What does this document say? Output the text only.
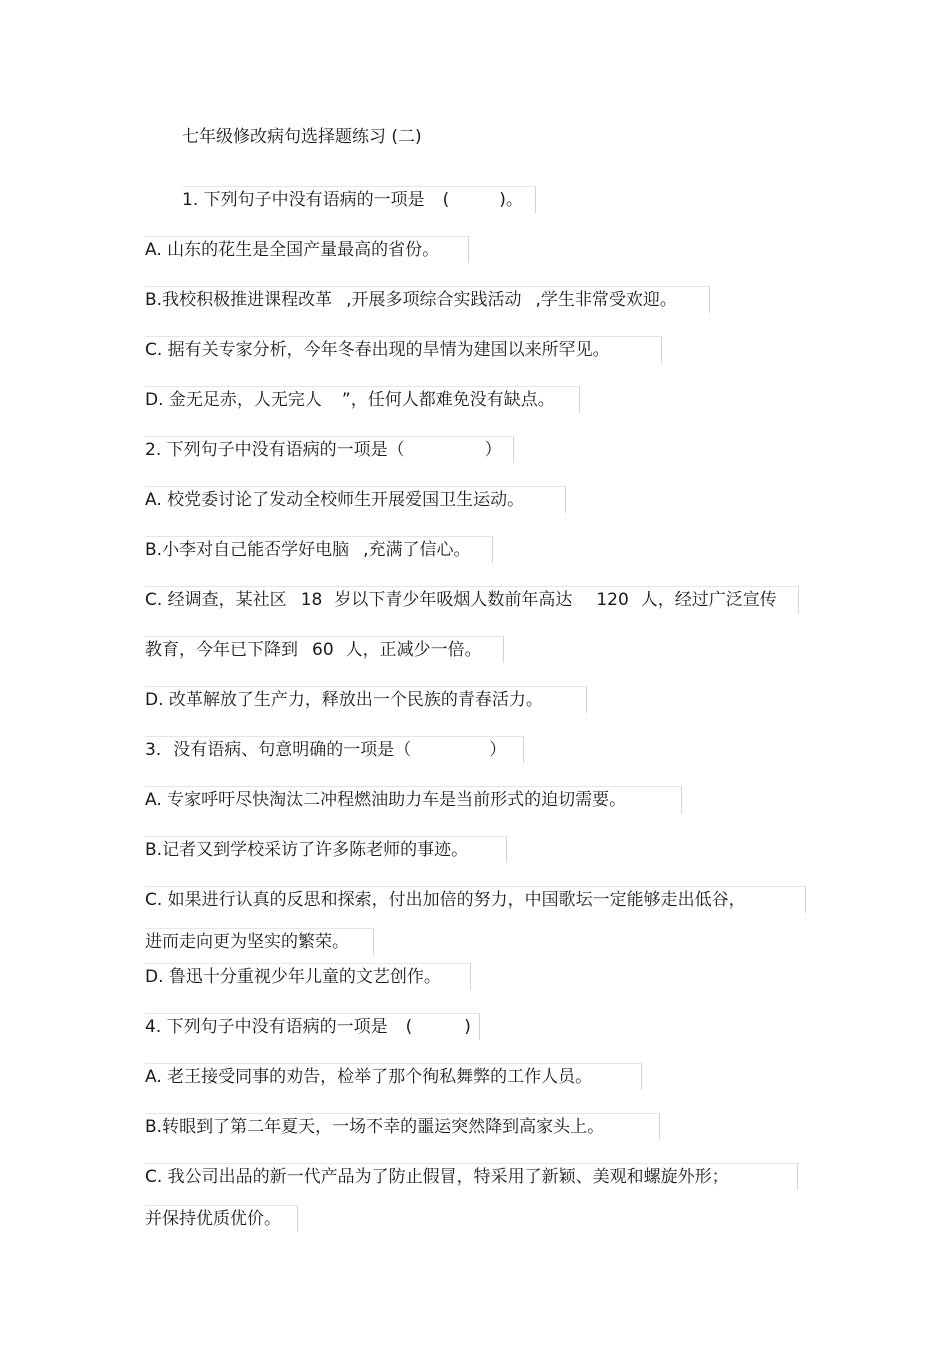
七年级修改病句选择题练习 (二)
1. 下列句子中没有语病的一项是 (	)。
A. 山东的花生是全国产量最高的省份。
B.我校积极推进课程改革 ,开展多项综合实践活动 ,学生非常受欢迎。
C. 据有关专家分析，今年冬春出现的旱情为建国以来所罕见。
D. 金无足赤，人无完人 ”，任何人都难免没有缺点。
2. 下列句子中没有语病的一项是（	）
A. 校党委讨论了发动全校师生开展爱国卫生运动。
B.小李对自己能否学好电脑 ,充满了信心。
C. 经调查，某社区 18 岁以下青少年吸烟人数前年高达 120 人，经过广泛宣传
教育，今年已下降到 60 人，正减少一倍。
D. 改革解放了生产力，释放出一个民族的青春活力。
3. 没有语病、句意明确的一项是（	）
A. 专家呼吁尽快淘汰二冲程燃油助力车是当前形式的迫切需要。
B.记者又到学校采访了许多陈老师的事迹。
C. 如果进行认真的反思和探索，付出加倍的努力，中国歌坛一定能够走出低谷，
进而走向更为坚实的繁荣。
D. 鲁迅十分重视少年儿童的文艺创作。
4. 下列句子中没有语病的一项是 (	)
A. 老王接受同事的劝告，检举了那个徇私舞弊的工作人员。
B.转眼到了第二年夏天，一场不幸的噩运突然降到高家头上。
C. 我公司出品的新一代产品为了防止假冒，特采用了新颖、美观和螺旋外形；
并保持优质优价。
